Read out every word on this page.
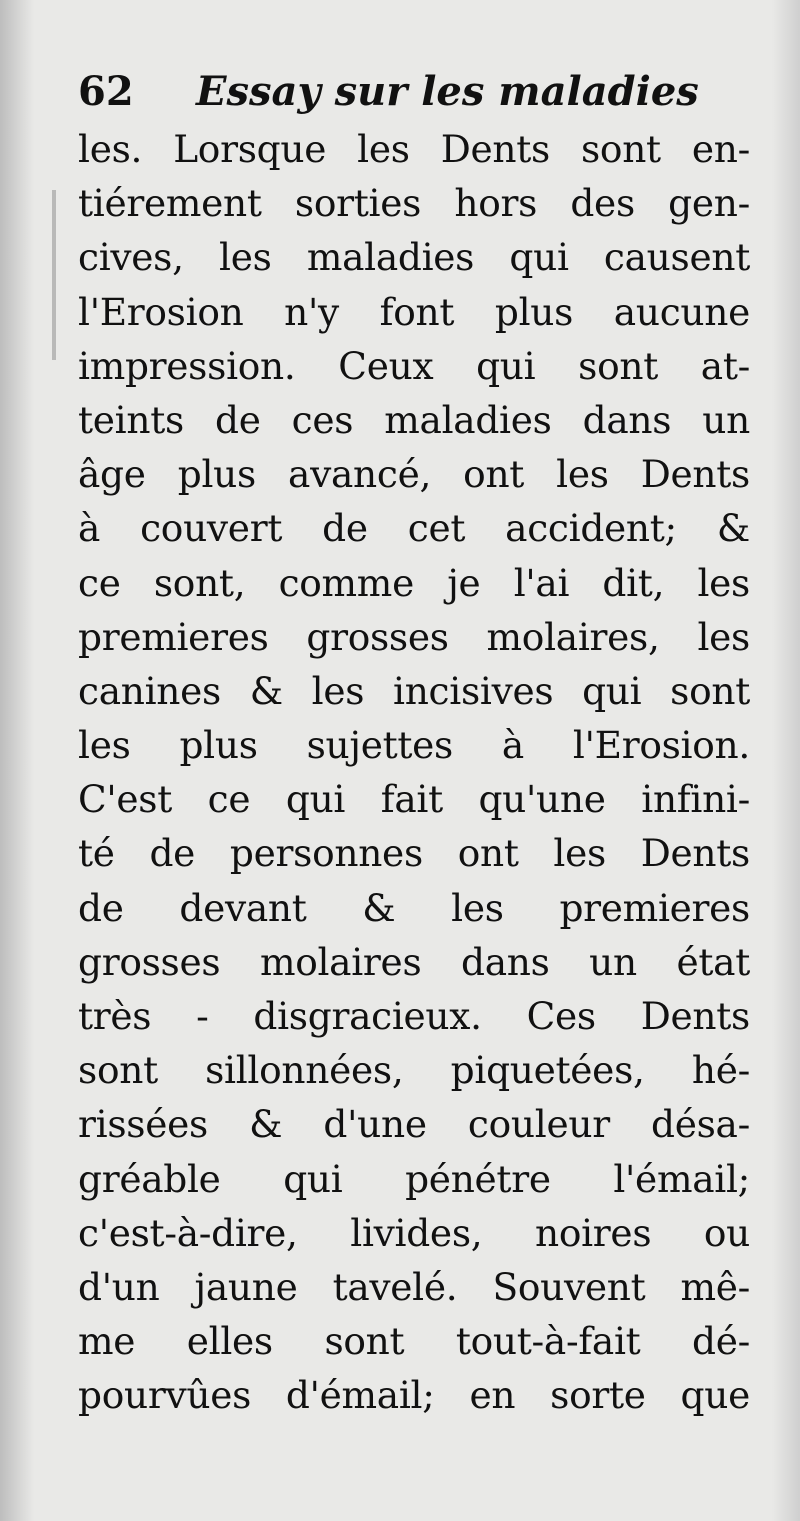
62 Essay sur les maladies
les. Lorsque les Dents sont en-
tiérement sorties hors des gen-
cives, les maladies qui causent
l'Erosion n'y font plus aucune
impression. Ceux qui sont at-
teints de ces maladies dans un
âge plus avancé, ont les Dents
à couvert de cet accident; &
ce sont, comme je l'ai dit, les
premieres grosses molaires, les
canines & les incisives qui sont
les plus sujettes à l'Erosion.
C'est ce qui fait qu'une infini-
té de personnes ont les Dents
de devant & les premieres
grosses molaires dans un état
très - disgracieux. Ces Dents
sont sillonnées, piquetées, hé-
rissées & d'une couleur désa-
gréable qui pénétre l'émail;
c'est-à-dire, livides, noires ou
d'un jaune tavelé. Souvent mê-
me elles sont tout-à-fait dé-
pourvûes d'émail; en sorte que
